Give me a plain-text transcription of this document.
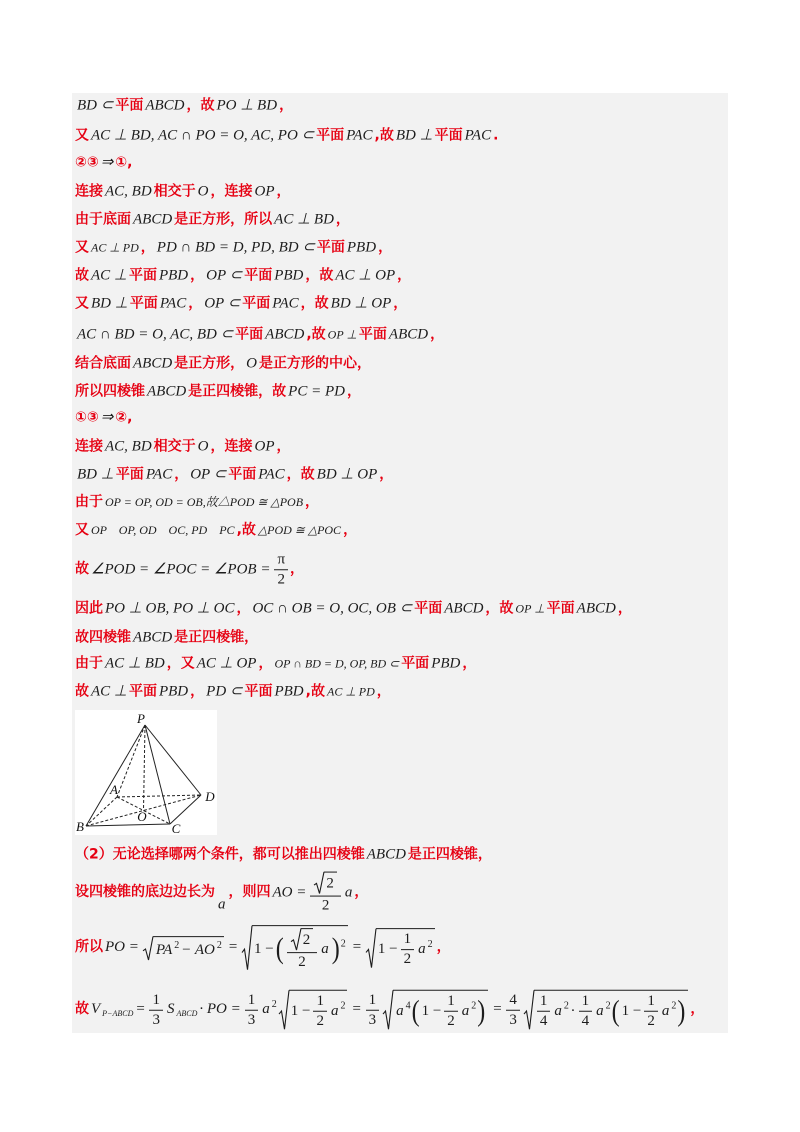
BD ⊂ 平面 ABCD ，故 PO ⊥ BD ，
又 AC ⊥ BD, AC ∩ PO = O, AC, PO ⊂ 平面 PAC ,故 BD ⊥ 平面 PAC .
②③ ⇒ ①,
连接 AC, BD 相交于 O ，连接 OP ，
由于底面 ABCD 是正方形，所以 AC ⊥ BD ，
又 AC ⊥ PD ， PD ∩ BD = D, PD, BD ⊂ 平面 PBD ，
故 AC ⊥ 平面 PBD ， OP ⊂ 平面 PBD ，故 AC ⊥ OP ，
又 BD ⊥ 平面 PAC ， OP ⊂ 平面 PAC ，故 BD ⊥ OP ，
AC ∩ BD = O, AC, BD ⊂ 平面 ABCD ,故 OP ⊥ 平面 ABCD ，
结合底面 ABCD 是正方形， O 是正方形的中心，
所以四棱锥 ABCD 是正四棱锥，故 PC = PD ，
①③ ⇒ ②,
连接 AC, BD 相交于 O ，连接 OP ，
BD ⊥ 平面 PAC ， OP ⊂ 平面 PAC ，故 BD ⊥ OP ，
由于 OP = OP, OD = OB,故△POD ≅ △POB ，
又 OP    OP, OD    OC, PD    PC ,故 △POD ≅ △POC ，
故 ∠POD = ∠POC = ∠POB = $\frac{\pi}{2}$ ，
因此 PO ⊥ OB, PO ⊥ OC ， OC ∩ OB = O, OC, OB ⊂ 平面 ABCD ，故 OP ⊥ 平面 ABCD ，
故四棱锥 ABCD 是正四棱锥，
由于 AC ⊥ BD ，又 AC ⊥ OP ， OP ∩ BD = D, OP, BD ⊂ 平面 PBD ，
故 AC ⊥ 平面 PBD ， PD ⊂ 平面 PBD ,故 AC ⊥ PD ，
（2）无论选择哪两个条件，都可以推出四棱锥 ABCD 是正四棱锥，
设四棱锥的底边边长为a，则四 AO = $\frac{2}{2}$ a ，
所以 PO = PA $^2$ − AO $^2$ = 1 −( $\frac{2}{2}$ a )$^2 = 1 - \frac{1}{2}$ a $^2$ ，
故 V $_{P-ABCD} = \frac{1}{3}$ S $_{ABCD}$ · PO = $\frac{1}{3}$ a $^2$ $1 - \frac{1}{2}$ a $^2 = \frac{1}{3}$ a $^4$( $1 - \frac{1}{2}$ a $^2) = \frac{4}{3} \frac{1}{4}$ a $^2 \cdot \frac{1}{4}$ a $^2$( $1 - \frac{1}{2}$ a $^2$) ，
P
A	D
B
O
C
